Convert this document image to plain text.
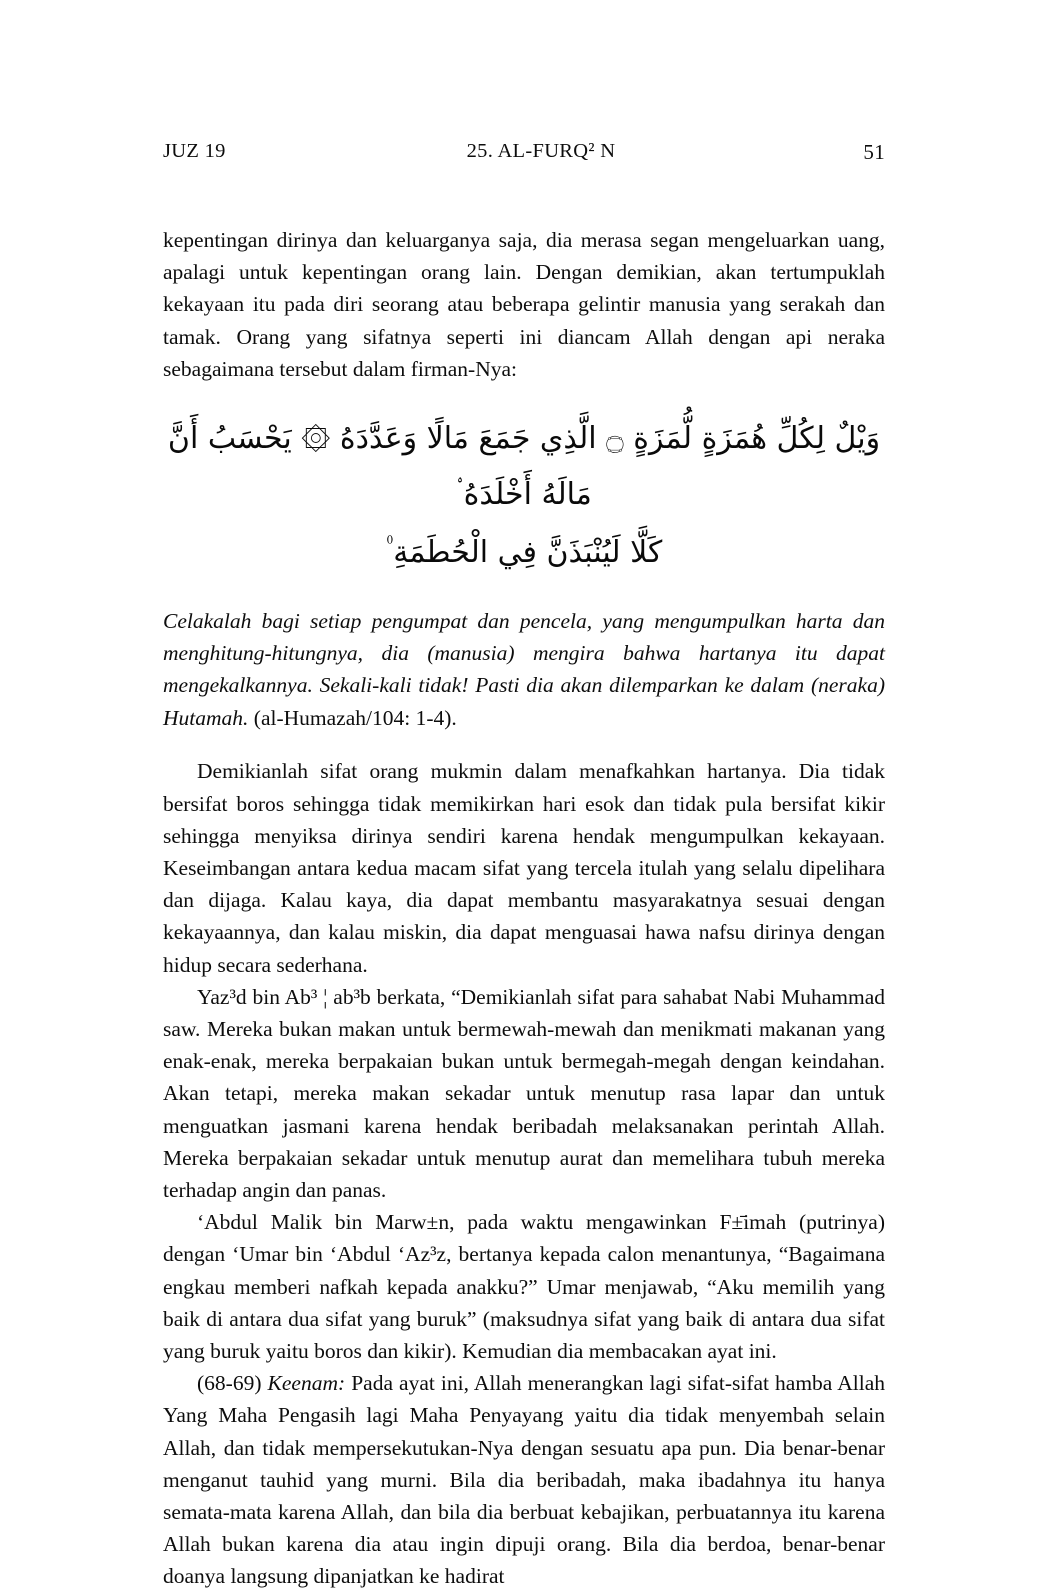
JUZ 19	25. AL-FURQ² N	51

kepentingan dirinya dan keluarganya saja, dia merasa segan mengeluarkan uang, apalagi untuk kepentingan orang lain. Dengan demikian, akan tertumpuklah kekayaan itu pada diri seorang atau beberapa gelintir manusia yang serakah dan tamak. Orang yang sifatnya seperti ini diancam Allah dengan api neraka sebagaimana tersebut dalam firman-Nya:

وَيْلٌ لِكُلِّ هُمَزَةٍ لُّمَزَةٍ ۝ الَّذِي جَمَعَ مَالًا وَعَدَّدَهُ ۞ يَحْسَبُ أَنَّ مَالَهُ أَخْلَدَهُ ۟
كَلَّا لَيُنْبَذَنَّ فِي الْحُطَمَةِ ۠

Celakalah bagi setiap pengumpat dan pencela, yang mengumpulkan harta dan menghitung-hitungnya, dia (manusia) mengira bahwa hartanya itu dapat mengekalkannya. Sekali-kali tidak! Pasti dia akan dilemparkan ke dalam (neraka) Hutamah. (al-Humazah/104: 1-4).

Demikianlah sifat orang mukmin dalam menafkahkan hartanya. Dia tidak bersifat boros sehingga tidak memikirkan hari esok dan tidak pula bersifat kikir sehingga menyiksa dirinya sendiri karena hendak mengumpulkan kekayaan. Keseimbangan antara kedua macam sifat yang tercela itulah yang selalu dipelihara dan dijaga. Kalau kaya, dia dapat membantu masyarakatnya sesuai dengan kekayaannya, dan kalau miskin, dia dapat menguasai hawa nafsu dirinya dengan hidup secara sederhana.

Yaz³d bin Ab³ ¦ ab³b berkata, “Demikianlah sifat para sahabat Nabi Muhammad saw. Mereka bukan makan untuk bermewah-mewah dan menikmati makanan yang enak-enak, mereka berpakaian bukan untuk bermegah-megah dengan keindahan. Akan tetapi, mereka makan sekadar untuk menutup rasa lapar dan untuk menguatkan jasmani karena hendak beribadah melaksanakan perintah Allah. Mereka berpakaian sekadar untuk menutup aurat dan memelihara tubuh mereka terhadap angin dan panas.

‘Abdul Malik bin Marw±n, pada waktu mengawinkan F±̄imah (putrinya) dengan ‘Umar bin ‘Abdul ‘Az³z, bertanya kepada calon menantunya, “Bagaimana engkau memberi nafkah kepada anakku?” Umar menjawab, “Aku memilih yang baik di antara dua sifat yang buruk” (maksudnya sifat yang baik di antara dua sifat yang buruk yaitu boros dan kikir). Kemudian dia membacakan ayat ini.

(68-69) Keenam: Pada ayat ini, Allah menerangkan lagi sifat-sifat hamba Allah Yang Maha Pengasih lagi Maha Penyayang yaitu dia tidak menyembah selain Allah, dan tidak mempersekutukan-Nya dengan sesuatu apa pun. Dia benar-benar menganut tauhid yang murni. Bila dia beribadah, maka ibadahnya itu hanya semata-mata karena Allah, dan bila dia berbuat kebajikan, perbuatannya itu karena Allah bukan karena dia atau ingin dipuji orang. Bila dia berdoa, benar-benar doanya langsung dipanjatkan ke hadirat
